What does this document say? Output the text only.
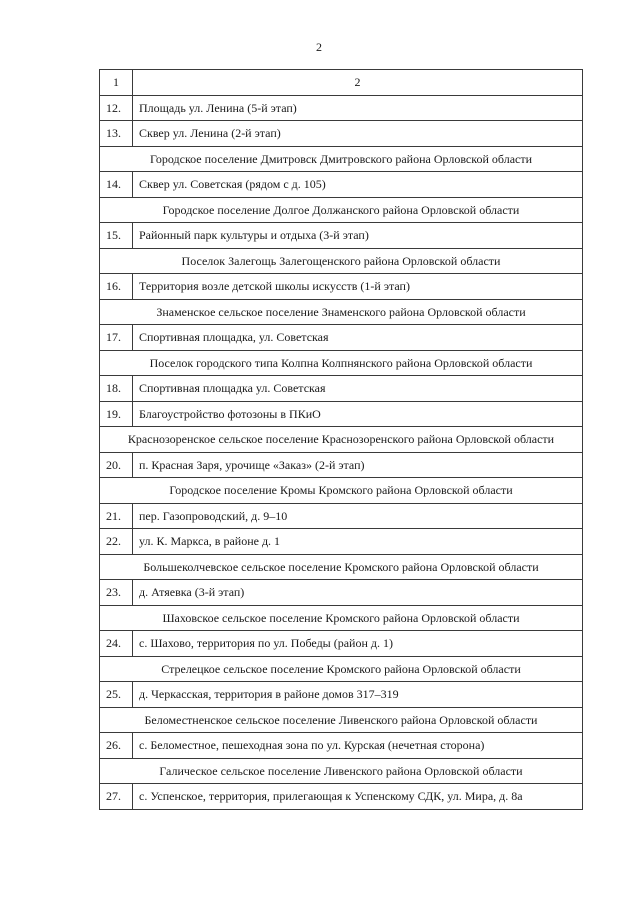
2
1	2
12.	Площадь ул. Ленина (5-й этап)
13.	Сквер ул. Ленина (2-й этап)
Городское поселение Дмитровск Дмитровского района Орловской области	
14.	Сквер ул. Советская (рядом с д. 105)
Городское поселение Долгое Должанского района Орловской области	
15.	Районный парк культуры и отдыха (3-й этап)
Поселок Залегощь Залегощенского района Орловской области	
16.	Территория возле детской школы искусств (1-й этап)
Знаменское сельское поселение Знаменского района Орловской области	
17.	Спортивная площадка, ул. Советская
Поселок городского типа Колпна Колпнянского района Орловской области	
18.	Спортивная площадка ул. Советская
19.	Благоустройство фотозоны в ПКиО
Краснозоренское сельское поселение Краснозоренского района Орловской области	
20.	п. Красная Заря, урочище «Заказ» (2-й этап)
Городское поселение Кромы Кромского района Орловской области	
21.	пер. Газопроводский, д. 9–10
22.	ул. К. Маркса, в районе д. 1
Большеколчевское сельское поселение Кромского района Орловской области	
23.	д. Атяевка (3-й этап)
Шаховское сельское поселение Кромского района Орловской области	
24.	с. Шахово, территория по ул. Победы (район д. 1)
Стрелецкое сельское поселение Кромского района Орловской области	
25.	д. Черкасская, территория в районе домов 317–319
Беломестненское сельское поселение Ливенского района Орловской области	
26.	с. Беломестное, пешеходная зона по ул. Курская (нечетная сторона)
Галическое сельское поселение Ливенского района Орловской области	
27.	с. Успенское, территория, прилегающая к Успенскому СДК, ул. Мира, д. 8а
